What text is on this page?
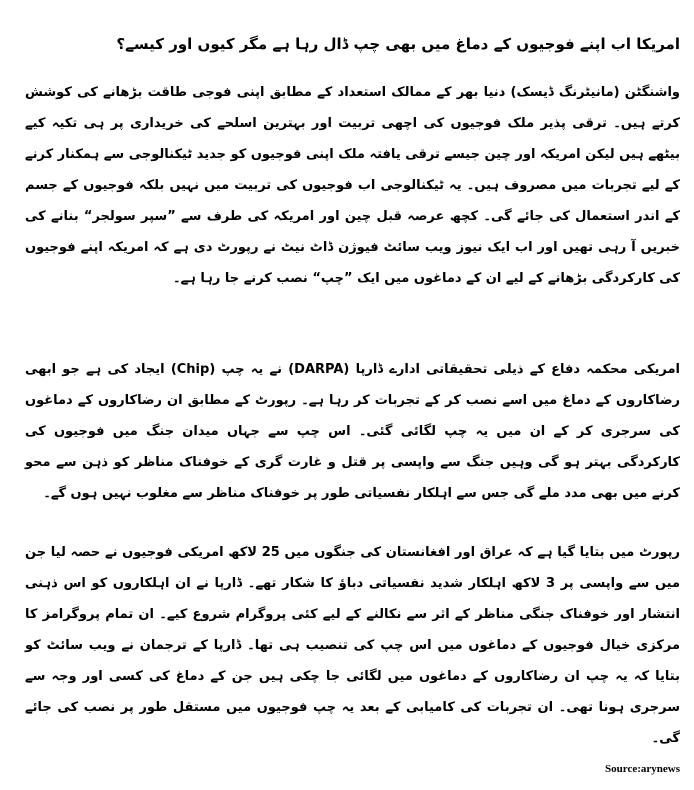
امریکا اب اپنے فوجیوں کے دماغ میں بھی چپ ڈال رہا ہے مگر کیوں اور کیسے؟

واشنگٹن (مانیٹرنگ ڈیسک) دنیا بھر کے ممالک استعداد کے مطابق اپنی فوجی طاقت بڑھانے کی کوشش کرتے ہیں۔ ترقی پذیر ملک فوجیوں کی اچھی تربیت اور بہترین اسلحے کی خریداری پر ہی تکیہ کیے بیٹھے ہیں لیکن امریکہ اور چین جیسے ترقی یافتہ ملک اپنی فوجیوں کو جدید ٹیکنالوجی سے ہمکنار کرنے کے لیے تجربات میں مصروف ہیں۔ یہ ٹیکنالوجی اب فوجیوں کی تربیت میں نہیں بلکہ فوجیوں کے جسم کے اندر استعمال کی جائے گی۔ کچھ عرصہ قبل چین اور امریکہ کی طرف سے ”سپر سولجر“ بنانے کی خبریں آ رہی تھیں اور اب ایک نیوز ویب سائٹ فیوژن ڈاٹ نیٹ نے رپورٹ دی ہے کہ امریکہ اپنے فوجیوں کی کارکردگی بڑھانے کے لیے ان کے دماغوں میں ایک ”چپ“ نصب کرنے جا رہا ہے۔

امریکی محکمہ دفاع کے ذیلی تحقیقاتی ادارے ڈارپا (DARPA) نے یہ چپ (Chip) ایجاد کی ہے جو ابھی رضاکاروں کے دماغ میں اسے نصب کر کے تجربات کر رہا ہے۔ رپورٹ کے مطابق ان رضاکاروں کے دماغوں کی سرجری کر کے ان میں یہ چپ لگائی گئی۔ اس چپ سے جہاں میدان جنگ میں فوجیوں کی کارکردگی بہتر ہو گی وہیں جنگ سے واپسی پر قتل و غارت گری کے خوفناک مناظر کو ذہن سے محو کرنے میں بھی مدد ملے گی جس سے اہلکار نفسیاتی طور پر خوفناک مناظر سے مغلوب نہیں ہوں گے۔

رپورٹ میں بتایا گیا ہے کہ عراق اور افغانستان کی جنگوں میں 25 لاکھ امریکی فوجیوں نے حصہ لیا جن میں سے واپسی پر 3 لاکھ اہلکار شدید نفسیاتی دباؤ کا شکار تھے۔ ڈارپا نے ان اہلکاروں کو اس ذہنی انتشار اور خوفناک جنگی مناظر کے اثر سے نکالنے کے لیے کئی پروگرام شروع کیے۔ ان تمام پروگرامز کا مرکزی خیال فوجیوں کے دماغوں میں اس چپ کی تنصیب ہی تھا۔ ڈارپا کے ترجمان نے ویب سائٹ کو بتایا کہ یہ چپ ان رضاکاروں کے دماغوں میں لگائی جا چکی ہیں جن کے دماغ کی کسی اور وجہ سے سرجری ہونا تھی۔ ان تجربات کی کامیابی کے بعد یہ چپ فوجیوں میں مستقل طور پر نصب کی جائے گی۔

Source:arynews
